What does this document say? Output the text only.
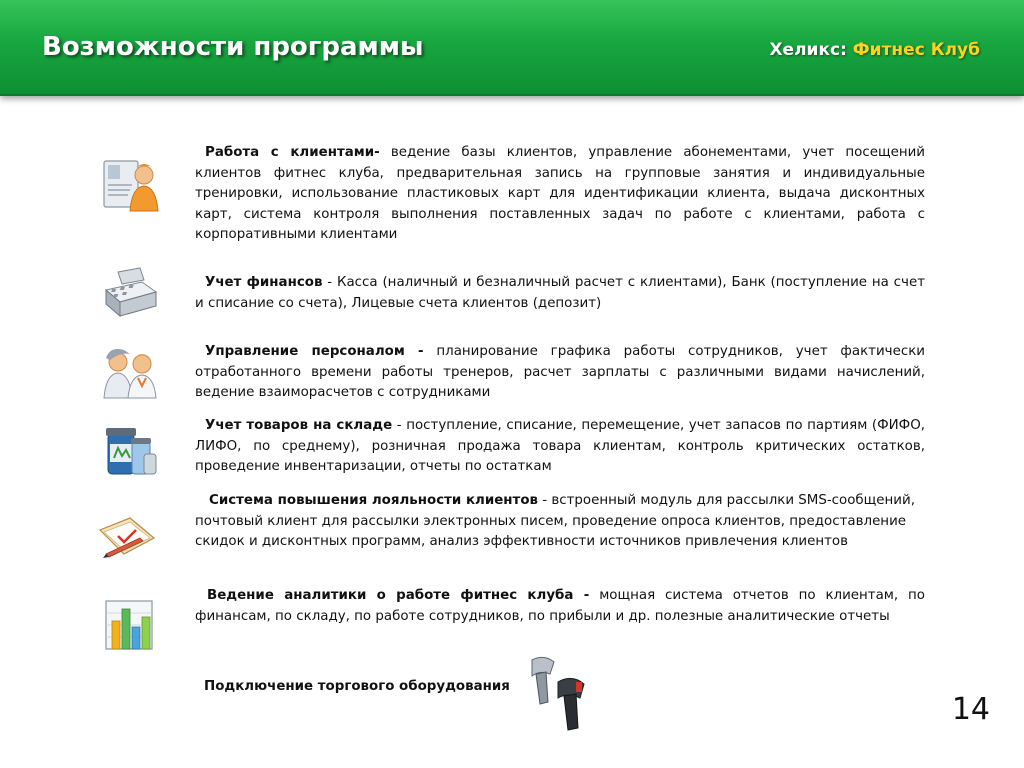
Возможности программы	Хеликс: Фитнес Клуб
Работа с клиентами- ведение базы клиентов, управление абонементами, учет посещений клиентов фитнес клуба, предварительная запись на групповые занятия и индивидуальные тренировки, использование пластиковых карт для идентификации клиента, выдача дисконтных карт, система контроля выполнения поставленных задач по работе с клиентами, работа с корпоративными клиентами
Учет финансов - Касса (наличный и безналичный расчет с клиентами), Банк (поступление на счет и списание со счета), Лицевые счета клиентов (депозит)
Управление персоналом - планирование графика работы сотрудников, учет фактически отработанного времени работы тренеров, расчет зарплаты с различными видами начислений, ведение взаиморасчетов с сотрудниками
Учет товаров на складе - поступление, списание, перемещение, учет запасов по партиям (ФИФО, ЛИФО, по среднему), розничная продажа товара клиентам, контроль критических остатков, проведение инвентаризации, отчеты по остаткам
Система повышения лояльности клиентов - встроенный модуль для рассылки SMS-сообщений, почтовый клиент для рассылки электронных писем, проведение опроса клиентов, предоставление скидок и дисконтных программ, анализ эффективности источников привлечения клиентов
Ведение аналитики о работе фитнес клуба - мощная система отчетов по клиентам, по финансам, по складу, по работе сотрудников, по прибыли и др. полезные аналитические отчеты
Подключение торгового оборудования
14
